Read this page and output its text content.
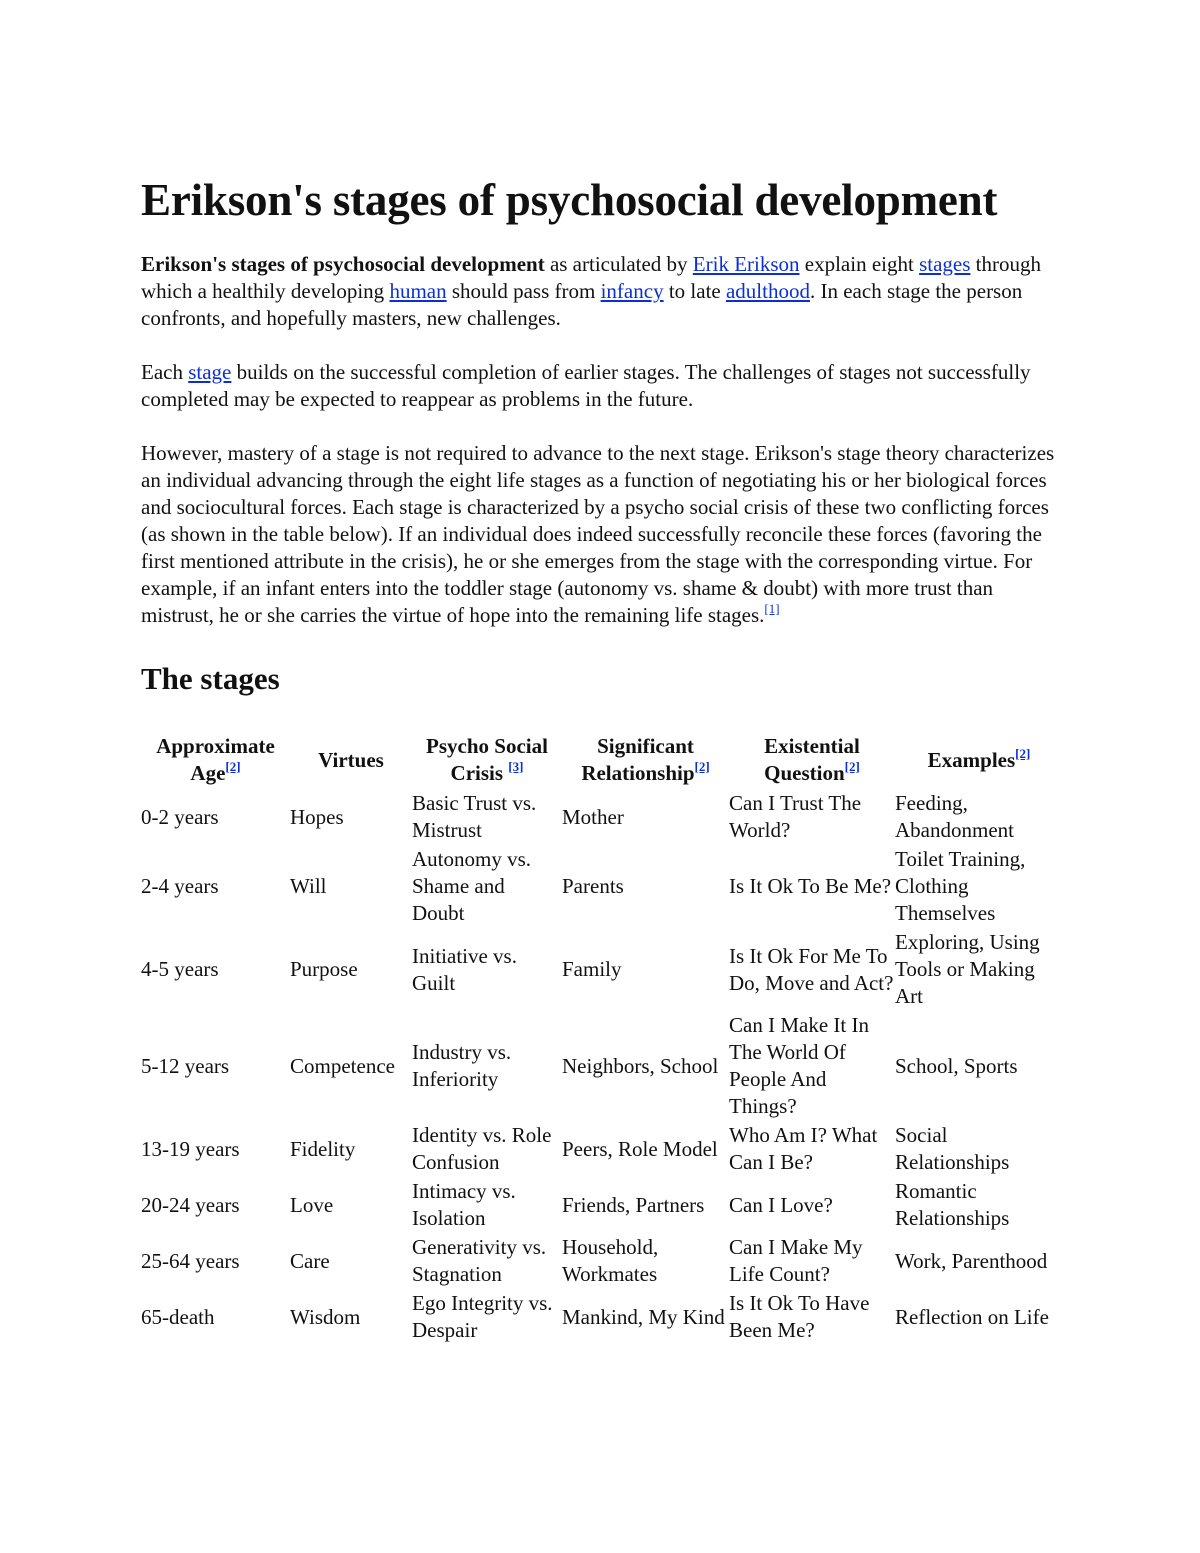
Erikson's stages of psychosocial development

Erikson's stages of psychosocial development as articulated by Erik Erikson explain eight stages through which a healthily developing human should pass from infancy to late adulthood. In each stage the person confronts, and hopefully masters, new challenges.

Each stage builds on the successful completion of earlier stages. The challenges of stages not successfully completed may be expected to reappear as problems in the future.

However, mastery of a stage is not required to advance to the next stage. Erikson's stage theory characterizes an individual advancing through the eight life stages as a function of negotiating his or her biological forces and sociocultural forces. Each stage is characterized by a psycho social crisis of these two conflicting forces (as shown in the table below). If an individual does indeed successfully reconcile these forces (favoring the first mentioned attribute in the crisis), he or she emerges from the stage with the corresponding virtue. For example, if an infant enters into the toddler stage (autonomy vs. shame & doubt) with more trust than mistrust, he or she carries the virtue of hope into the remaining life stages.[1]

The stages
Approximate Age[2]	Virtues	Psycho Social Crisis [3]	Significant Relationship[2]	Existential Question[2]	Examples[2]
0-2 years	Hopes	Basic Trust vs. Mistrust	Mother	Can I Trust The World?	Feeding, Abandonment
2-4 years	Will	Autonomy vs. Shame and Doubt	Parents	Is It Ok To Be Me?	Toilet Training, Clothing Themselves
4-5 years	Purpose	Initiative vs. Guilt	Family	Is It Ok For Me To Do, Move and Act?	Exploring, Using Tools or Making Art
5-12 years	Competence	Industry vs. Inferiority	Neighbors, School	Can I Make It In The World Of People And Things?	School, Sports
13-19 years	Fidelity	Identity vs. Role Confusion	Peers, Role Model	Who Am I? What Can I Be?	Social Relationships
20-24 years	Love	Intimacy vs. Isolation	Friends, Partners	Can I Love?	Romantic Relationships
25-64 years	Care	Generativity vs. Stagnation	Household, Workmates	Can I Make My Life Count?	Work, Parenthood
65-death	Wisdom	Ego Integrity vs. Despair	Mankind, My Kind	Is It Ok To Have Been Me?	Reflection on Life
